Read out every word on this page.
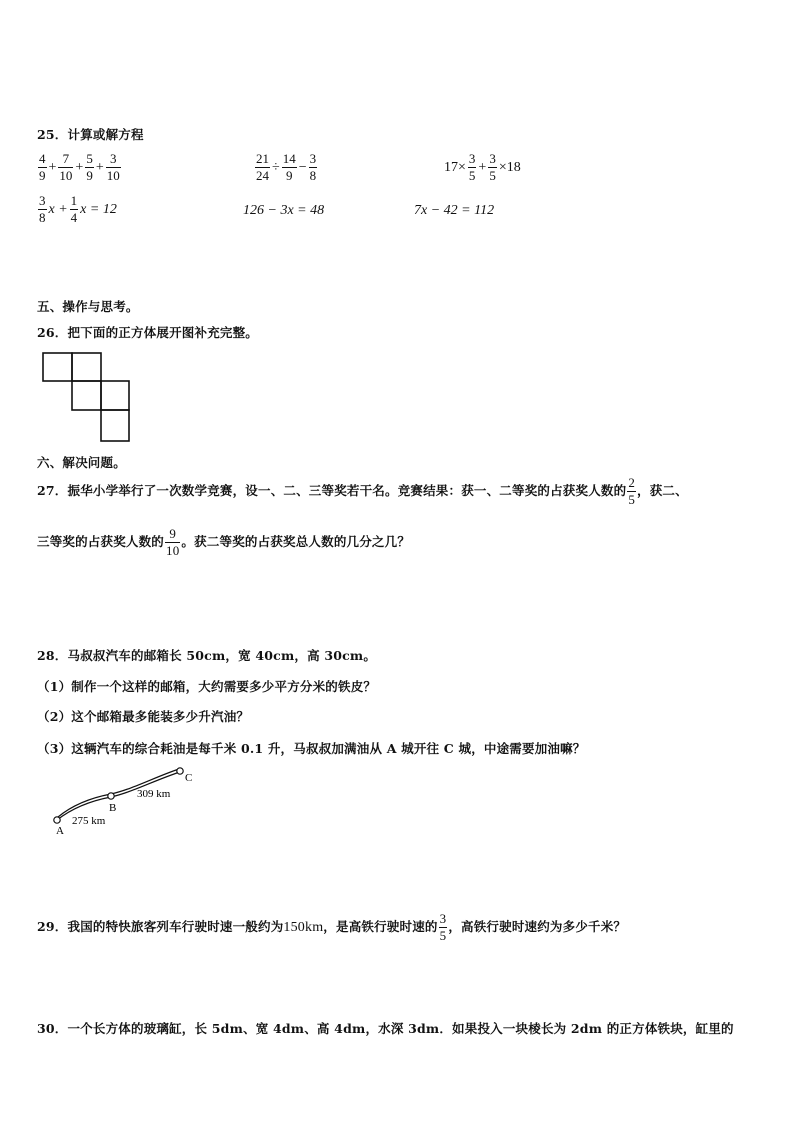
25．计算或解方程
$\frac{4}{9} + \frac{7}{10} + \frac{5}{9} + \frac{3}{10}$	$\frac{21}{24} \div \frac{14}{9} - \frac{3}{8}$	$17\times \frac{3}{5} + \frac{3}{5} \times 18$
$\frac{3}{8}$ $x + \frac{1}{4}$ x = 12	126 − 3x = 48	7x − 42 = 112
五、操作与思考。
26．把下面的正方体展开图补充完整。
六、解决问题。
27．振华小学举行了一次数学竞赛，设一、二、三等奖若干名。竞赛结果：获一、二等奖的占获奖人数的 $\frac{2}{5}$ ，获二、
三等奖的占获奖人数的 $\frac{9}{10}$ 。获二等奖的占获奖总人数的几分之几？
28．马叔叔汽车的邮箱长 50cm，宽 40cm，高 30cm。
（1）制作一个这样的邮箱，大约需要多少平方分米的铁皮？
（2）这个邮箱最多能装多少升汽油？
（3）这辆汽车的综合耗油是每千米 0.1 升，马叔叔加满油从 A 城开往 C 城，中途需要加油嘛？
A
B
C
275 km
309 km
29．我国的特快旅客列车行驶时速一般约为150km，是高铁行驶时速的 $\frac{3}{5}$ ，高铁行驶时速约为多少千米？
30．一个长方体的玻璃缸，长 5dm、宽 4dm、高 4dm，水深 3dm．如果投入一块棱长为 2dm 的正方体铁块，缸里的
